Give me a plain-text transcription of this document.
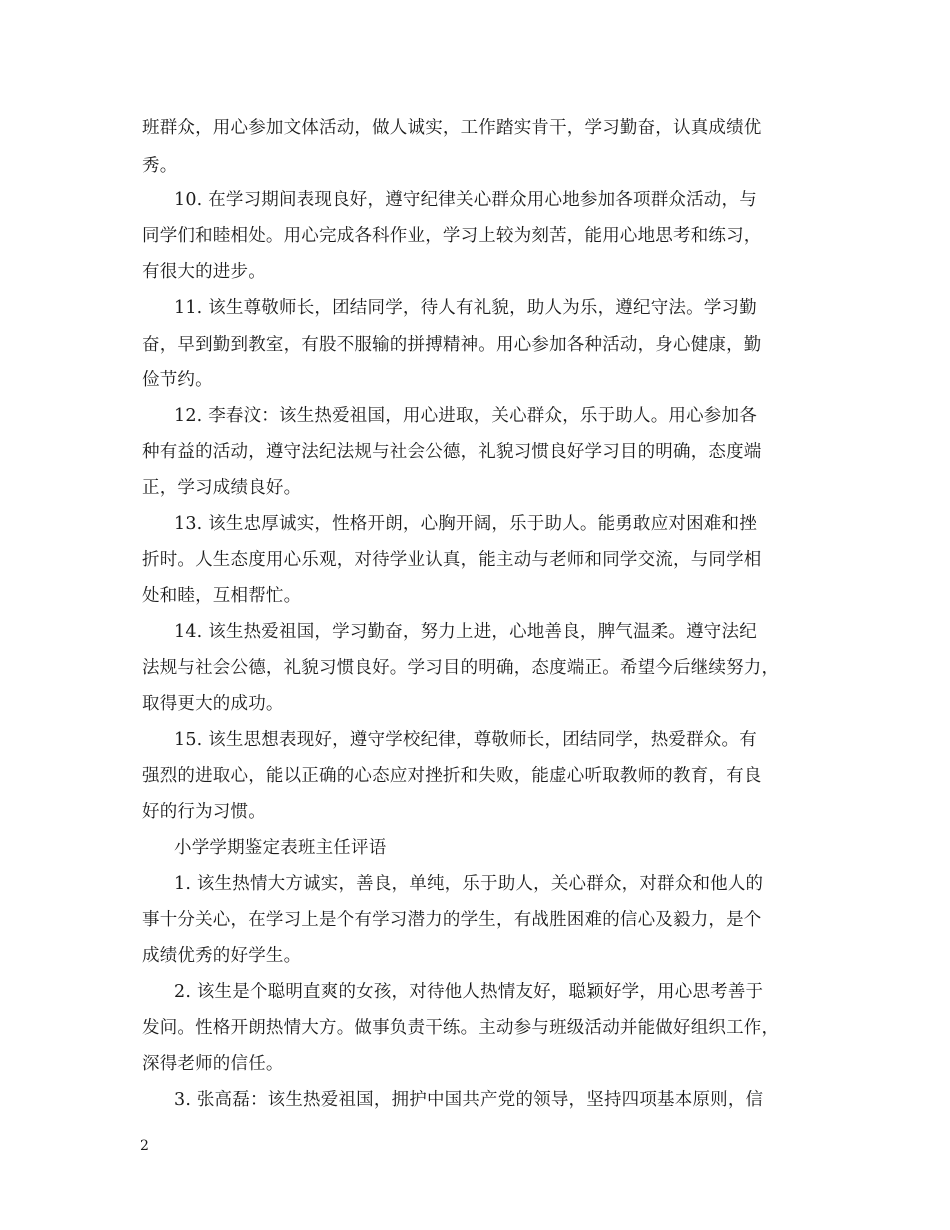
班群众，用心参加文体活动，做人诚实，工作踏实肯干，学习勤奋，认真成绩优
秀。
10. 在学习期间表现良好，遵守纪律关心群众用心地参加各项群众活动，与
同学们和睦相处。用心完成各科作业，学习上较为刻苦，能用心地思考和练习，
有很大的进步。
11. 该生尊敬师长，团结同学，待人有礼貌，助人为乐，遵纪守法。学习勤
奋，早到勤到教室，有股不服输的拼搏精神。用心参加各种活动，身心健康，勤
俭节约。
12. 李春汶：该生热爱祖国，用心进取，关心群众，乐于助人。用心参加各
种有益的活动，遵守法纪法规与社会公德，礼貌习惯良好学习目的明确，态度端
正，学习成绩良好。
13. 该生忠厚诚实，性格开朗，心胸开阔，乐于助人。能勇敢应对困难和挫
折时。人生态度用心乐观，对待学业认真，能主动与老师和同学交流，与同学相
处和睦，互相帮忙。
14. 该生热爱祖国，学习勤奋，努力上进，心地善良，脾气温柔。遵守法纪
法规与社会公德，礼貌习惯良好。学习目的明确，态度端正。希望今后继续努力，
取得更大的成功。
15. 该生思想表现好，遵守学校纪律，尊敬师长，团结同学，热爱群众。有
强烈的进取心，能以正确的心态应对挫折和失败，能虚心听取教师的教育，有良
好的行为习惯。
小学学期鉴定表班主任评语
1. 该生热情大方诚实，善良，单纯，乐于助人，关心群众，对群众和他人的
事十分关心，在学习上是个有学习潜力的学生，有战胜困难的信心及毅力，是个
成绩优秀的好学生。
2. 该生是个聪明直爽的女孩，对待他人热情友好，聪颖好学，用心思考善于
发问。性格开朗热情大方。做事负责干练。主动参与班级活动并能做好组织工作，
深得老师的信任。
3. 张高磊：该生热爱祖国，拥护中国共产党的领导，坚持四项基本原则，信
2
